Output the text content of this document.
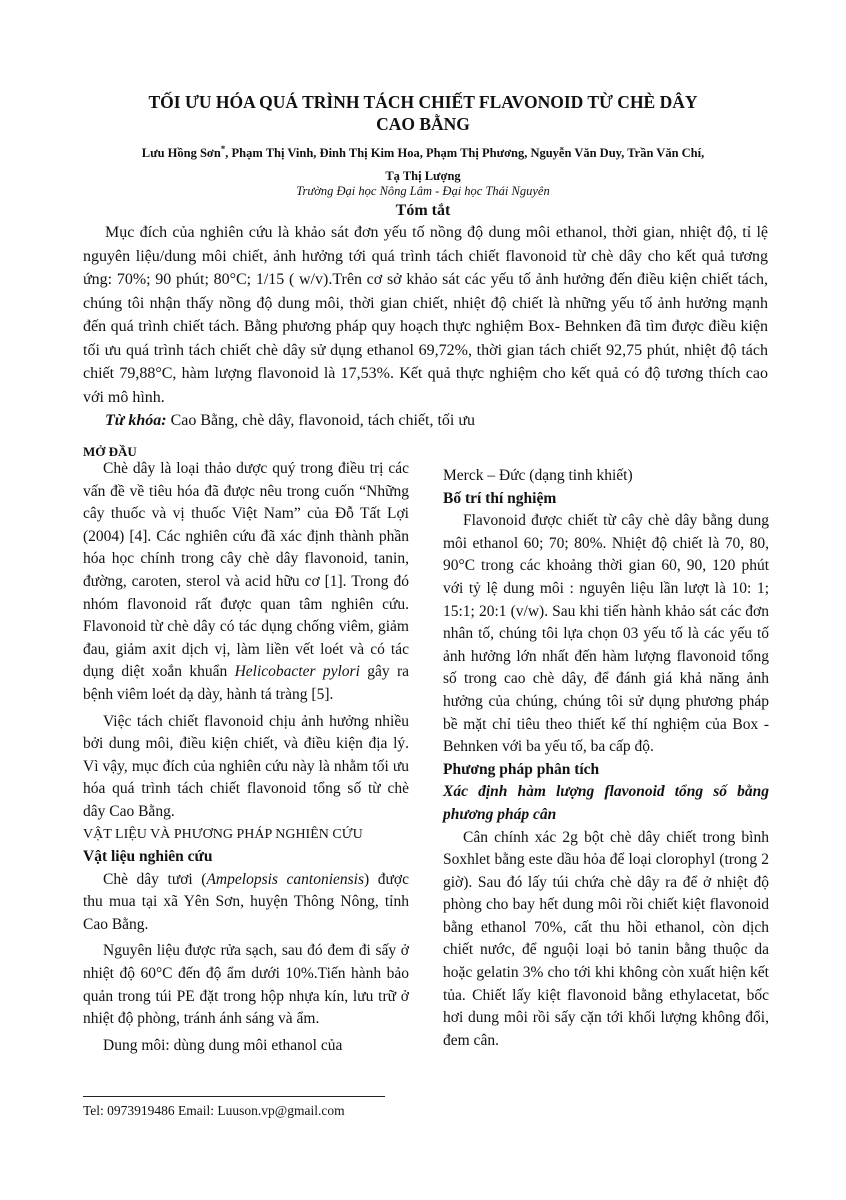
TỐI ƯU HÓA QUÁ TRÌNH TÁCH CHIẾT FLAVONOID TỪ CHÈ DÂY
CAO BẰNG
Lưu Hồng Sơn*, Phạm Thị Vinh, Đinh Thị Kim Hoa, Phạm Thị Phương, Nguyễn Văn Duy, Trần Văn Chí,
Tạ Thị Lượng
Trường Đại học Nông Lâm - Đại học Thái Nguyên
Tóm tắt

Mục đích của nghiên cứu là khảo sát đơn yếu tố nồng độ dung môi ethanol, thời gian, nhiệt độ, tỉ lệ nguyên liệu/dung môi chiết, ảnh hưởng tới quá trình tách chiết flavonoid từ chè dây cho kết quả tương ứng: 70%; 90 phút; 80°C; 1/15 ( w/v).Trên cơ sở khảo sát các yếu tố ảnh hưởng đến điều kiện chiết tách, chúng tôi nhận thấy nồng độ dung môi, thời gian chiết, nhiệt độ chiết là những yếu tố ảnh hưởng mạnh đến quá trình chiết tách. Bằng phương pháp quy hoạch thực nghiệm Box- Behnken đã tìm được điều kiện tối ưu quá trình tách chiết chè dây sử dụng ethanol 69,72%, thời gian tách chiết 92,75 phút, nhiệt độ tách chiết 79,88°C, hàm lượng flavonoid là 17,53%. Kết quả thực nghiệm cho kết quả có độ tương thích cao với mô hình.

Từ khóa: Cao Bằng, chè dây, flavonoid, tách chiết, tối ưu

MỞ ĐẦU

Chè dây là loại thảo dược quý trong điều trị các vấn đề về tiêu hóa đã được nêu trong cuốn “Những cây thuốc và vị thuốc Việt Nam” của Đỗ Tất Lợi (2004) [4]. Các nghiên cứu đã xác định thành phần hóa học chính trong cây chè dây flavonoid, tanin, đường, caroten, sterol và acid hữu cơ [1]. Trong đó nhóm flavonoid rất được quan tâm nghiên cứu. Flavonoid từ chè dây có tác dụng chống viêm, giảm đau, giảm axit dịch vị, làm liền vết loét và có tác dụng diệt xoắn khuẩn Helicobacter pylori gây ra bệnh viêm loét dạ dày, hành tá tràng [5].

Việc tách chiết flavonoid chịu ảnh hưởng nhiều bởi dung môi, điều kiện chiết, và điều kiện địa lý. Vì vậy, mục đích của nghiên cứu này là nhằm tối ưu hóa quá trình tách chiết flavonoid tổng số từ chè dây Cao Bằng.

VẬT LIỆU VÀ PHƯƠNG PHÁP NGHIÊN CỨU

Vật liệu nghiên cứu

Chè dây tươi (Ampelopsis cantoniensis) được thu mua tại xã Yên Sơn, huyện Thông Nông, tỉnh Cao Bằng.

Nguyên liệu được rửa sạch, sau đó đem đi sấy ở nhiệt độ 60°C đến độ ẩm dưới 10%.Tiến hành bảo quản trong túi PE đặt trong hộp nhựa kín, lưu trữ ở nhiệt độ phòng, tránh ánh sáng và ẩm.

Dung môi: dùng dung môi ethanol của

Merck – Đức (dạng tinh khiết)

Bố trí thí nghiệm

Flavonoid được chiết từ cây chè dây bằng dung môi ethanol 60; 70; 80%. Nhiệt độ chiết là 70, 80, 90°C trong các khoảng thời gian 60, 90, 120 phút với tỷ lệ dung môi : nguyên liệu lần lượt là 10: 1; 15:1; 20:1 (v/w). Sau khi tiến hành khảo sát các đơn nhân tố, chúng tôi lựa chọn 03 yếu tố là các yếu tố ảnh hưởng lớn nhất đến hàm lượng flavonoid tổng số trong cao chè dây, để đánh giá khả năng ảnh hưởng của chúng, chúng tôi sử dụng phương pháp bề mặt chỉ tiêu theo thiết kế thí nghiệm của Box - Behnken với ba yếu tố, ba cấp độ.

Phương pháp phân tích

Xác định hàm lượng flavonoid tổng số bằng phương pháp cân

Cân chính xác 2g bột chè dây chiết trong bình Soxhlet bằng este dầu hỏa để loại clorophyl (trong 2 giờ). Sau đó lấy túi chứa chè dây ra để ở nhiệt độ phòng cho bay hết dung môi rồi chiết kiệt flavonoid bằng ethanol 70%, cất thu hồi ethanol, còn dịch chiết nước, để nguội loại bỏ tanin bằng thuộc da hoặc gelatin 3% cho tới khi không còn xuất hiện kết tủa. Chiết lấy kiệt flavonoid bằng ethylacetat, bốc hơi dung môi rồi sấy cặn tới khối lượng không đổi, đem cân.

Tel: 0973919486 Email: Luuson.vp@gmail.com
